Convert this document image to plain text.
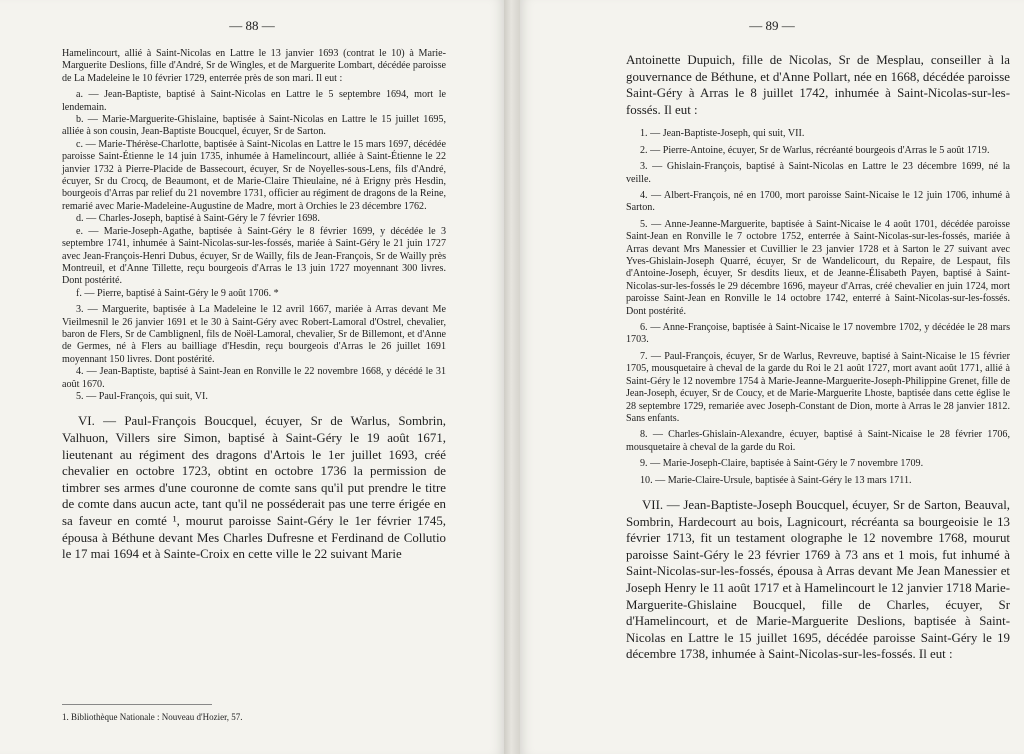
— 88 —

Hamelincourt, allié à Saint-Nicolas en Lattre le 13 janvier 1693 (contrat le 10) à Marie-Marguerite Deslions, fille d'André, Sr de Wingles, et de Marguerite Lombart, décédée paroisse de La Madeleine le 10 février 1729, enterrée près de son mari. Il eut :

a. — Jean-Baptiste, baptisé à Saint-Nicolas en Lattre le 5 septembre 1694, mort le lendemain.

b. — Marie-Marguerite-Ghislaine, baptisée à Saint-Nicolas en Lattre le 15 juillet 1695, alliée à son cousin, Jean-Baptiste Boucquel, écuyer, Sr de Sarton.

c. — Marie-Thérèse-Charlotte, baptisée à Saint-Nicolas en Lattre le 15 mars 1697, décédée paroisse Saint-Étienne le 14 juin 1735, inhumée à Hamelincourt, alliée à Saint-Étienne le 22 janvier 1732 à Pierre-Placide de Bassecourt, écuyer, Sr de Noyelles-sous-Lens, fils d'André, écuyer, Sr du Crocq, de Beaumont, et de Marie-Claire Thieulaine, né à Erigny près Hesdin, bourgeois d'Arras par relief du 21 novembre 1731, officier au régiment de dragons de la Reine, remarié avec Marie-Madeleine-Augustine de Madre, mort à Orchies le 23 décembre 1762.

d. — Charles-Joseph, baptisé à Saint-Géry le 7 février 1698.

e. — Marie-Joseph-Agathe, baptisée à Saint-Géry le 8 février 1699, y décédée le 3 septembre 1741, inhumée à Saint-Nicolas-sur-les-fossés, mariée à Saint-Géry le 21 juin 1727 avec Jean-François-Henri Dubus, écuyer, Sr de Wailly, fils de Jean-François, Sr de Wailly près Montreuil, et d'Anne Tillette, reçu bourgeois d'Arras le 13 juin 1727 moyennant 300 livres. Dont postérité.

f. — Pierre, baptisé à Saint-Géry le 9 août 1706. *

3. — Marguerite, baptisée à La Madeleine le 12 avril 1667, mariée à Arras devant Me Vieilmesnil le 26 janvier 1691 et le 30 à Saint-Géry avec Robert-Lamoral d'Ostrel, chevalier, baron de Flers, Sr de Camblignenl, fils de Noël-Lamoral, chevalier, Sr de Billemont, et d'Anne de Germes, né à Flers au bailliage d'Hesdin, reçu bourgeois d'Arras le 26 juillet 1691 moyennant 150 livres. Dont postérité.

4. — Jean-Baptiste, baptisé à Saint-Jean en Ronville le 22 novembre 1668, y décédé le 31 août 1670.

5. — Paul-François, qui suit, VI.

VI. — Paul-François Boucquel, écuyer, Sr de Warlus, Sombrin, Valhuon, Villers sire Simon, baptisé à Saint-Géry le 19 août 1671, lieutenant au régiment des dragons d'Artois le 1er juillet 1693, créé chevalier en octobre 1723, obtint en octobre 1736 la permission de timbrer ses armes d'une couronne de comte sans qu'il put prendre le titre de comte dans aucun acte, tant qu'il ne posséderait pas une terre érigée en sa faveur en comté ¹, mourut paroisse Saint-Géry le 1er février 1745, épousa à Béthune devant Mes Charles Dufresne et Ferdinand de Collutio le 17 mai 1694 et à Sainte-Croix en cette ville le 22 suivant Marie

1. Bibliothèque Nationale : Nouveau d'Hozier, 57.
— 89 —

Antoinette Dupuich, fille de Nicolas, Sr de Mesplau, conseiller à la gouvernance de Béthune, et d'Anne Pollart, née en 1668, décédée paroisse Saint-Géry à Arras le 8 juillet 1742, inhumée à Saint-Nicolas-sur-les-fossés. Il eut :

1. — Jean-Baptiste-Joseph, qui suit, VII.

2. — Pierre-Antoine, écuyer, Sr de Warlus, récréanté bourgeois d'Arras le 5 août 1719.

3. — Ghislain-François, baptisé à Saint-Nicolas en Lattre le 23 décembre 1699, né la veille.

4. — Albert-François, né en 1700, mort paroisse Saint-Nicaise le 12 juin 1706, inhumé à Sarton.

5. — Anne-Jeanne-Marguerite, baptisée à Saint-Nicaise le 4 août 1701, décédée paroisse Saint-Jean en Ronville le 7 octobre 1752, enterrée à Saint-Nicolas-sur-les-fossés, mariée à Arras devant Mrs Manessier et Cuvillier le 23 janvier 1728 et à Sarton le 27 suivant avec Yves-Ghislain-Joseph Quarré, écuyer, Sr de Wandelicourt, du Repaire, de Lespaut, fils d'Antoine-Joseph, écuyer, Sr desdits lieux, et de Jeanne-Élisabeth Payen, baptisé à Saint-Nicolas-sur-les-fossés le 29 décembre 1696, mayeur d'Arras, créé chevalier en juin 1724, mort paroisse Saint-Jean en Ronville le 14 octobre 1742, enterré à Saint-Nicolas-sur-les-fossés. Dont postérité.

6. — Anne-Françoise, baptisée à Saint-Nicaise le 17 novembre 1702, y décédée le 28 mars 1703.

7. — Paul-François, écuyer, Sr de Warlus, Revreuve, baptisé à Saint-Nicaise le 15 février 1705, mousquetaire à cheval de la garde du Roi le 21 août 1727, mort avant août 1771, allié à Saint-Géry le 12 novembre 1754 à Marie-Jeanne-Marguerite-Joseph-Philippine Grenet, fille de Jean-Joseph, écuyer, Sr de Coucy, et de Marie-Marguerite Lhoste, baptisée dans cette église le 28 septembre 1729, remariée avec Joseph-Constant de Dion, morte à Arras le 28 janvier 1812. Sans enfants.

8. — Charles-Ghislain-Alexandre, écuyer, baptisé à Saint-Nicaise le 28 février 1706, mousquetaire à cheval de la garde du Roi.

9. — Marie-Joseph-Claire, baptisée à Saint-Géry le 7 novembre 1709.

10. — Marie-Claire-Ursule, baptisée à Saint-Géry le 13 mars 1711.

VII. — Jean-Baptiste-Joseph Boucquel, écuyer, Sr de Sarton, Beauval, Sombrin, Hardecourt au bois, Lagnicourt, récréanta sa bourgeoisie le 13 février 1713, fit un testament olographe le 12 novembre 1768, mourut paroisse Saint-Géry le 23 février 1769 à 73 ans et 1 mois, fut inhumé à Saint-Nicolas-sur-les-fossés, épousa à Arras devant Me Jean Manessier et Joseph Henry le 11 août 1717 et à Hamelincourt le 12 janvier 1718 Marie-Marguerite-Ghislaine Boucquel, fille de Charles, écuyer, Sr d'Hamelincourt, et de Marie-Marguerite Deslions, baptisée à Saint-Nicolas en Lattre le 15 juillet 1695, décédée paroisse Saint-Géry le 19 décembre 1738, inhumée à Saint-Nicolas-sur-les-fossés. Il eut :
